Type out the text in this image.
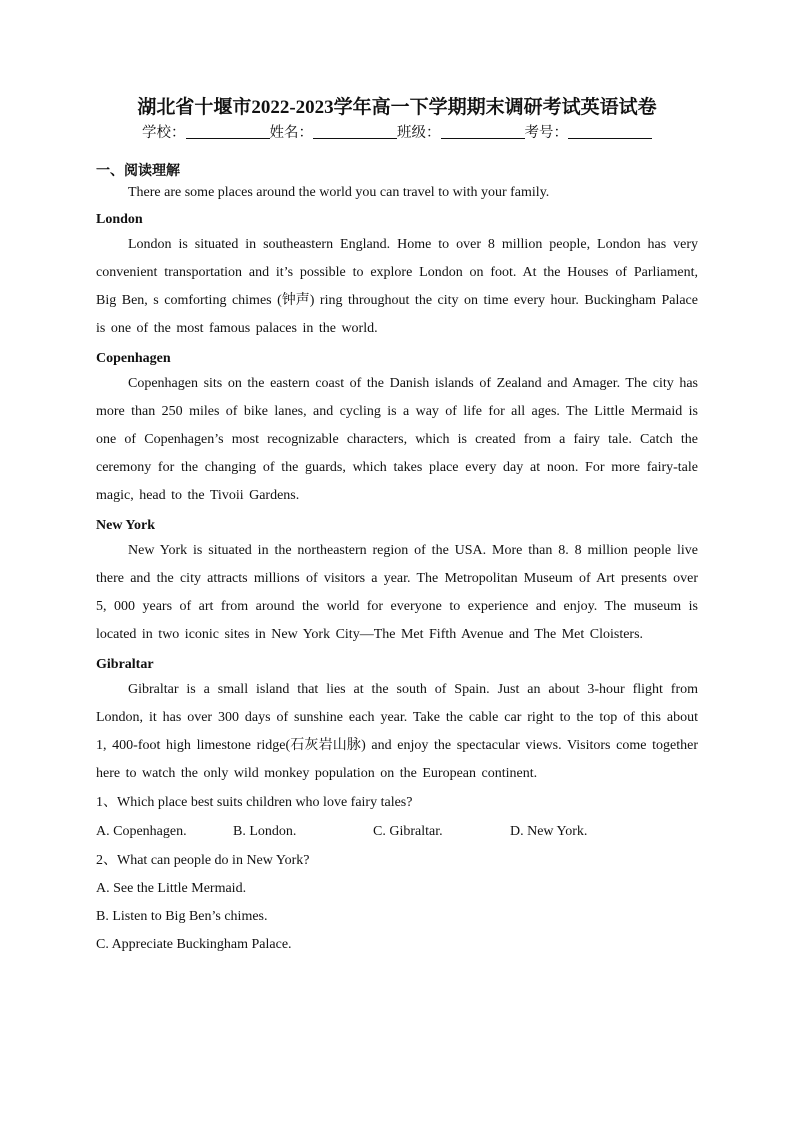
湖北省十堰市2022-2023学年高一下学期期末调研考试英语试卷
学校：	姓名：	班级：	考号：
一、阅读理解

There are some places around the world you can travel to with your family.

London

London is situated in southeastern England. Home to over 8 million people, London has very convenient transportation and it’s possible to explore London on foot. At the Houses of Parliament, Big Ben, s comforting chimes (钟声) ring throughout the city on time every hour. Buckingham Palace is one of the most famous palaces in the world.

Copenhagen

Copenhagen sits on the eastern coast of the Danish islands of Zealand and Amager. The city has more than 250 miles of bike lanes, and cycling is a way of life for all ages. The Little Mermaid is one of Copenhagen’s most recognizable characters, which is created from a fairy tale. Catch the ceremony for the changing of the guards, which takes place every day at noon. For more fairy-tale magic, head to the Tivoii Gardens.

New York

New York is situated in the northeastern region of the USA. More than 8. 8 million people live there and the city attracts millions of visitors a year. The Metropolitan Museum of Art presents over 5, 000 years of art from around the world for everyone to experience and enjoy. The museum is located in two iconic sites in New York City—The Met Fifth Avenue and The Met Cloisters.

Gibraltar

Gibraltar is a small island that lies at the south of Spain. Just an about 3-hour flight from London, it has over 300 days of sunshine each year. Take the cable car right to the top of this about 1, 400-foot high limestone ridge(石灰岩山脉) and enjoy the spectacular views. Visitors come together here to watch the only wild monkey population on the European continent.

1、Which place best suits children who love fairy tales?

A. Copenhagen.	B. London.	C. Gibraltar.	D. New York.

2、What can people do in New York?

A. See the Little Mermaid.

B. Listen to Big Ben’s chimes.

C. Appreciate Buckingham Palace.
